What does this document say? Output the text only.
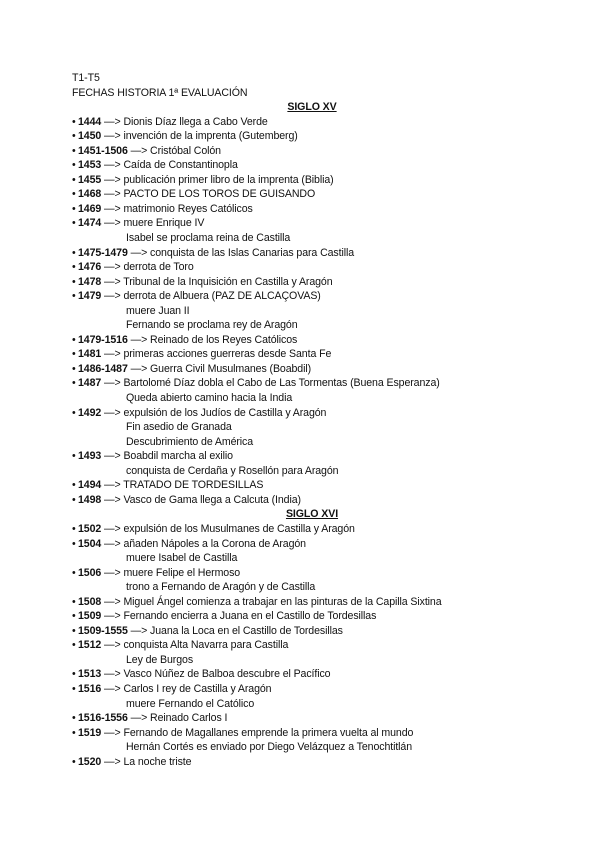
T1-T5
FECHAS HISTORIA 1ª EVALUACIÓN
SIGLO XV
• 1444 —> Dionis Díaz llega a Cabo Verde
• 1450 —> invención de la imprenta (Gutemberg)
• 1451-1506 —> Cristóbal Colón
• 1453 —> Caída de Constantinopla
• 1455 —> publicación primer libro de la imprenta (Biblia)
• 1468 —> PACTO DE LOS TOROS DE GUISANDO
• 1469 —> matrimonio Reyes Católicos
• 1474 —> muere Enrique IV
Isabel se proclama reina de Castilla
• 1475-1479 —> conquista de las Islas Canarias para Castilla
• 1476 —> derrota de Toro
• 1478 —> Tribunal de la Inquisición en Castilla y Aragón
• 1479 —> derrota de Albuera (PAZ DE ALCAÇOVAS)
muere Juan II
Fernando se proclama rey de Aragón
• 1479-1516 —> Reinado de los Reyes Católicos
• 1481 —> primeras acciones guerreras desde Santa Fe
• 1486-1487 —> Guerra Civil Musulmanes (Boabdil)
• 1487 —> Bartolomé Díaz dobla el Cabo de Las Tormentas (Buena Esperanza)
Queda abierto camino hacia la India
• 1492 —> expulsión de los Judíos de Castilla y Aragón
Fin asedio de Granada
Descubrimiento de América
• 1493 —> Boabdil marcha al exilio
conquista de Cerdaña y Rosellón para Aragón
• 1494 —> TRATADO DE TORDESILLAS
• 1498 —> Vasco de Gama llega a Calcuta (India)
SIGLO XVI
• 1502 —> expulsión de los Musulmanes de Castilla y Aragón
• 1504 —> añaden Nápoles a la Corona de Aragón
muere Isabel de Castilla
• 1506 —> muere Felipe el Hermoso
trono a Fernando de Aragón y de Castilla
• 1508 —> Miguel Ángel comienza a trabajar en las pinturas de la Capilla Sixtina
• 1509 —> Fernando encierra a Juana en el Castillo de Tordesillas
• 1509-1555 —> Juana la Loca en el Castillo de Tordesillas
• 1512 —> conquista Alta Navarra para Castilla
Ley de Burgos
• 1513 —> Vasco Núñez de Balboa descubre el Pacífico
• 1516 —> Carlos I rey de Castilla y Aragón
muere Fernando el Católico
• 1516-1556 —> Reinado Carlos I
• 1519 —> Fernando de Magallanes emprende la primera vuelta al mundo
Hernán Cortés es enviado por Diego Velázquez a Tenochtitlán
• 1520 —> La noche triste
